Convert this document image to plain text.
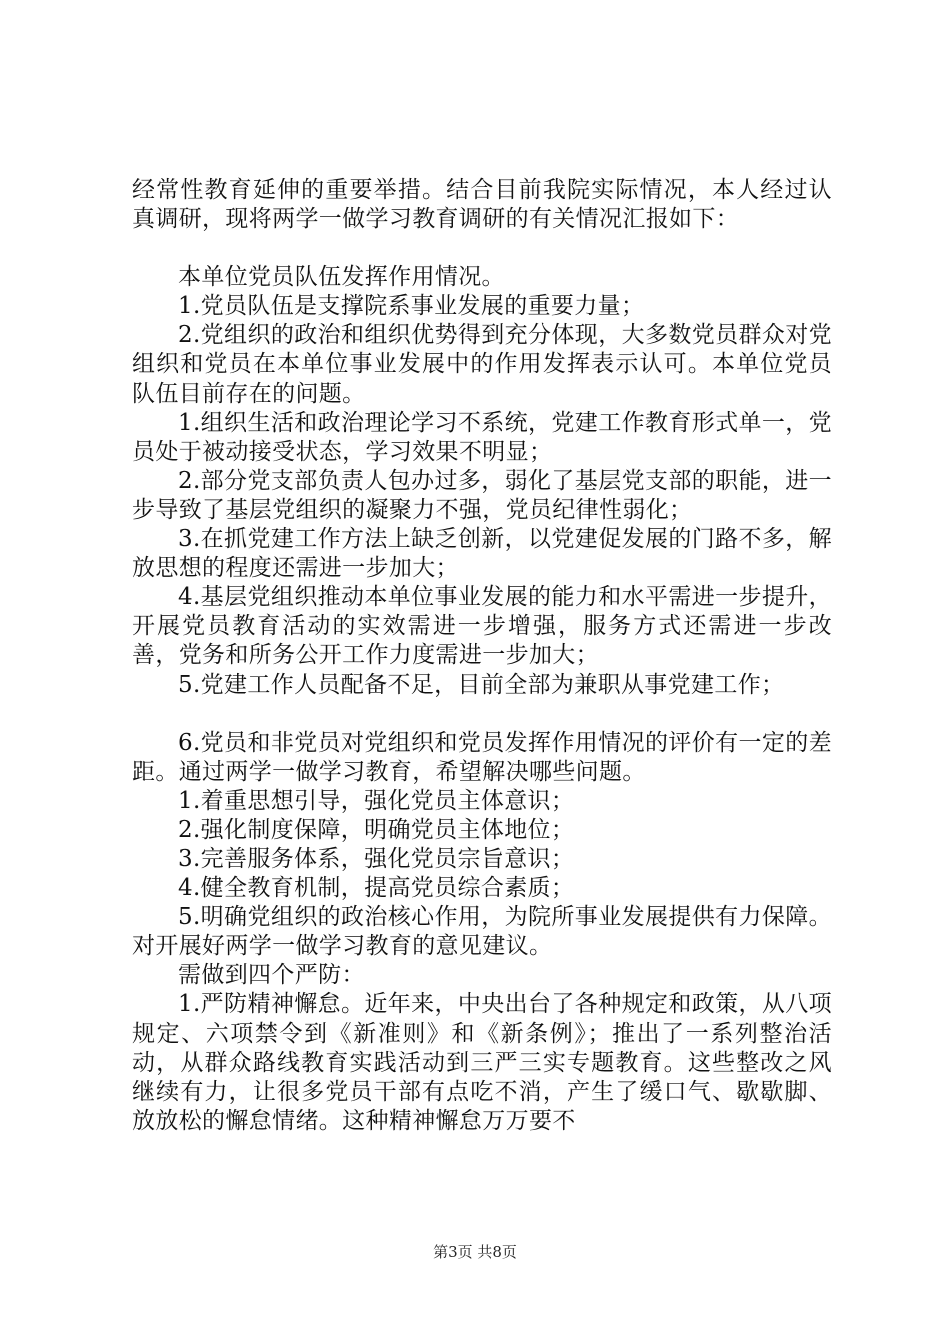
经常性教育延伸的重要举措。结合目前我院实际情况，本人经过认真调研，现将两学一做学习教育调研的有关情况汇报如下：

本单位党员队伍发挥作用情况。

1.党员队伍是支撑院系事业发展的重要力量；

2.党组织的政治和组织优势得到充分体现，大多数党员群众对党组织和党员在本单位事业发展中的作用发挥表示认可。本单位党员队伍目前存在的问题。

1.组织生活和政治理论学习不系统，党建工作教育形式单一，党员处于被动接受状态，学习效果不明显；

2.部分党支部负责人包办过多，弱化了基层党支部的职能，进一步导致了基层党组织的凝聚力不强，党员纪律性弱化；

3.在抓党建工作方法上缺乏创新，以党建促发展的门路不多，解放思想的程度还需进一步加大；

4.基层党组织推动本单位事业发展的能力和水平需进一步提升，开展党员教育活动的实效需进一步增强，服务方式还需进一步改善，党务和所务公开工作力度需进一步加大；

5.党建工作人员配备不足，目前全部为兼职从事党建工作；

6.党员和非党员对党组织和党员发挥作用情况的评价有一定的差距。通过两学一做学习教育，希望解决哪些问题。

1.着重思想引导，强化党员主体意识；

2.强化制度保障，明确党员主体地位；

3.完善服务体系，强化党员宗旨意识；

4.健全教育机制，提高党员综合素质；

5.明确党组织的政治核心作用，为院所事业发展提供有力保障。对开展好两学一做学习教育的意见建议。

需做到四个严防：

1.严防精神懈怠。近年来，中央出台了各种规定和政策，从八项规定、六项禁令到《新准则》和《新条例》；推出了一系列整治活动，从群众路线教育实践活动到三严三实专题教育。这些整改之风继续有力，让很多党员干部有点吃不消，产生了缓口气、歇歇脚、放放松的懈怠情绪。这种精神懈怠万万要不

第3页 共8页
